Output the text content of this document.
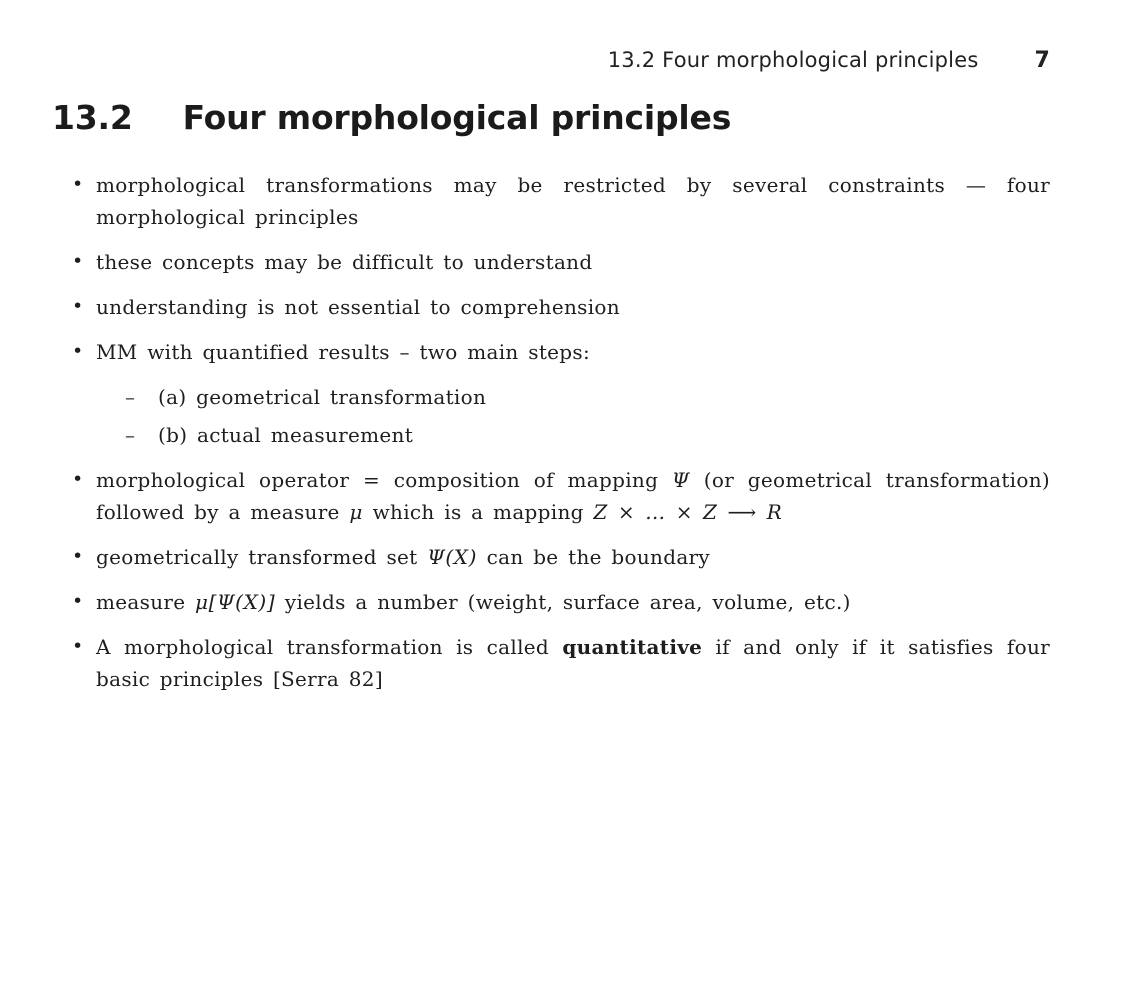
13.2 Four morphological principles	7
13.2 Four morphological principles
• morphological transformations may be restricted by several constraints — four morphological principles
• these concepts may be difficult to understand
• understanding is not essential to comprehension
• MM with quantified results – two main steps:
– (a) geometrical transformation
– (b) actual measurement
• morphological operator = composition of mapping Ψ (or geometrical transformation) followed by a measure μ which is a mapping Z × … × Z ⟶ R
• geometrically transformed set Ψ(X) can be the boundary
• measure μ[Ψ(X)] yields a number (weight, surface area, volume, etc.)
• A morphological transformation is called quantitative if and only if it satisfies four basic principles [Serra 82]
